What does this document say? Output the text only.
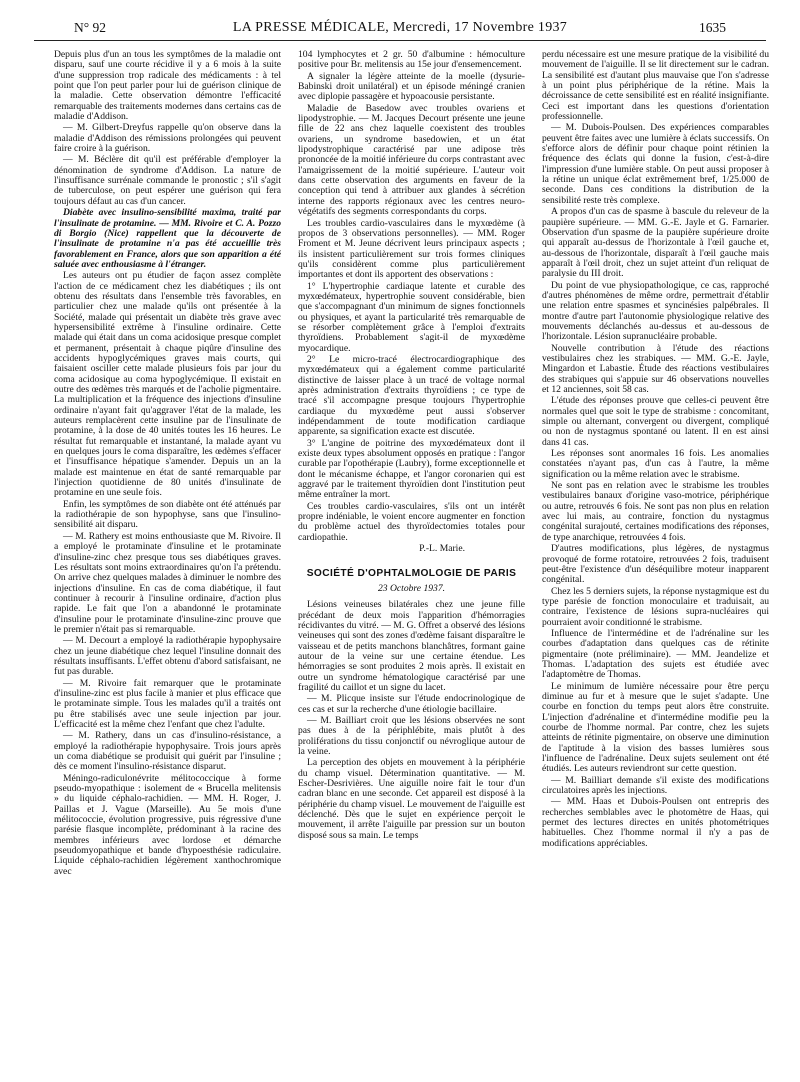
N° 92	LA PRESSE MÉDICALE, Mercredi, 17 Novembre 1937	1635

Depuis plus d'un an tous les symptômes de la maladie ont disparu, sauf une courte récidive il y a 6 mois à la suite d'une suppression trop radicale des médicaments : à tel point que l'on peut parler pour lui de guérison clinique de la maladie. Cette observation démontre l'efficacité remarquable des traitements modernes dans certains cas de maladie d'Addison.

— M. Gilbert-Dreyfus rappelle qu'on observe dans la maladie d'Addison des rémissions prolongées qui peuvent faire croire à la guérison.

— M. Béclère dit qu'il est préférable d'employer la dénomination de syndrome d'Addison. La nature de l'insuffisance surrénale commande le pronostic ; s'il s'agit de tuberculose, on peut espérer une guérison qui fera toujours défaut au cas d'un cancer.

Diabète avec insulino-sensibilité maxima, traité par l'insulinate de protamine. — MM. Rivoire et C. A. Pozzo di Borgio (Nice) rappellent que la découverte de l'insulinate de protamine n'a pas été accueillie très favorablement en France, alors que son apparition a été saluée avec enthousiasme à l'étranger.

Les auteurs ont pu étudier de façon assez complète l'action de ce médicament chez les diabétiques ; ils ont obtenu des résultats dans l'ensemble très favorables, en particulier chez une malade qu'ils ont présentée à la Société, malade qui présentait un diabète très grave avec hypersensibilité extrême à l'insuline ordinaire. Cette malade qui était dans un coma acidosique presque complet et permanent, présentait à chaque piqûre d'insuline des accidents hypoglycémiques graves mais courts, qui faisaient osciller cette malade plusieurs fois par jour du coma acidosique au coma hypoglycémique. Il existait en outre des œdèmes très marqués et de l'acholie pigmentaire. La multiplication et la fréquence des injections d'insuline ordinaire n'ayant fait qu'aggraver l'état de la malade, les auteurs remplacèrent cette insuline par de l'insulinate de protamine, à la dose de 40 unités toutes les 16 heures. Le résultat fut remarquable et instantané, la malade ayant vu en quelques jours le coma disparaître, les œdèmes s'effacer et l'insuffisance hépatique s'amender. Depuis un an la malade est maintenue en état de santé remarquable par l'injection quotidienne de 80 unités d'insulinate de protamine en une seule fois.

Enfin, les symptômes de son diabète ont été atténués par la radiothérapie de son hypophyse, sans que l'insulino-sensibilité ait disparu.

— M. Rathery est moins enthousiaste que M. Rivoire. Il a employé le protaminate d'insuline et le protaminate d'insuline-zinc chez presque tous ses diabétiques graves. Les résultats sont moins extraordinaires qu'on l'a prétendu. On arrive chez quelques malades à diminuer le nombre des injections d'insuline. En cas de coma diabétique, il faut continuer à recourir à l'insuline ordinaire, d'action plus rapide. Le fait que l'on a abandonné le protaminate d'insuline pour le protaminate d'insuline-zinc prouve que le premier n'était pas si remarquable.

— M. Decourt a employé la radiothérapie hypophysaire chez un jeune diabétique chez lequel l'insuline donnait des résultats insuffisants. L'effet obtenu d'abord satisfaisant, ne fut pas durable.

— M. Rivoire fait remarquer que le protaminate d'insuline-zinc est plus facile à manier et plus efficace que le protaminate simple. Tous les malades qu'il a traités ont pu être stabilisés avec une seule injection par jour. L'efficacité est la même chez l'enfant que chez l'adulte.

— M. Rathery, dans un cas d'insulino-résistance, a employé la radiothérapie hypophysaire. Trois jours après un coma diabétique se produisit qui guérit par l'insuline ; dès ce moment l'insulino-résistance disparut.

Méningo-radiculonévrite mélitococcique à forme pseudo-myopathique : isolement de « Brucella melitensis » du liquide céphalo-rachidien. — MM. H. Roger, J. Paillas et J. Vague (Marseille). Au 5e mois d'une mélitococcie, évolution progressive, puis régressive d'une parésie flasque incomplète, prédominant à la racine des membres inférieurs avec lordose et démarche pseudomyopathique et bande d'hypoesthésie radiculaire. Liquide céphalo-rachidien légèrement xanthochromique avec

104 lymphocytes et 2 gr. 50 d'albumine : hémoculture positive pour Br. melitensis au 15e jour d'ensemencement.

A signaler la légère atteinte de la moelle (dysurie-Babinski droit unilatéral) et un épisode méningé cranien avec diplopie passagère et hypoacousie persistante.

Maladie de Basedow avec troubles ovariens et lipodystrophie. — M. Jacques Decourt présente une jeune fille de 22 ans chez laquelle coexistent des troubles ovariens, un syndrome basedowien, et un état lipodystrophique caractérisé par une adipose très prononcée de la moitié inférieure du corps contrastant avec l'amaigrissement de la moitié supérieure. L'auteur voit dans cette observation des arguments en faveur de la conception qui tend à attribuer aux glandes à sécrétion interne des rapports régionaux avec les centres neuro-végétatifs des segments correspondants du corps.

Les troubles cardio-vasculaires dans le myxœdème (à propos de 3 observations personnelles). — MM. Roger Froment et M. Jeune décrivent leurs principaux aspects ; ils insistent particulièrement sur trois formes cliniques qu'ils considèrent comme plus particulièrement importantes et dont ils apportent des observations :

1° L'hypertrophie cardiaque latente et curable des myxœdémateux, hypertrophie souvent considérable, bien que s'accompagnant d'un minimum de signes fonctionnels ou physiques, et ayant la particularité très remarquable de se résorber complètement grâce à l'emploi d'extraits thyroïdiens. Probablement s'agit-il de myxœdème myocardique.

2° Le micro-tracé électrocardiographique des myxœdémateux qui a également comme particularité distinctive de laisser place à un tracé de voltage normal après administration d'extraits thyroïdiens ; ce type de tracé s'il accompagne presque toujours l'hypertrophie cardiaque du myxœdème peut aussi s'observer indépendamment de toute modification cardiaque apparente, sa signification exacte est discutée.

3° L'angine de poitrine des myxœdémateux dont il existe deux types absolument opposés en pratique : l'angor curable par l'opothérapie (Laubry), forme exceptionnelle et dont le mécanisme échappe, et l'angor coronarien qui est aggravé par le traitement thyroïdien dont l'institution peut même entraîner la mort.

Ces troubles cardio-vasculaires, s'ils ont un intérêt propre indéniable, le voient encore augmenter en fonction du problème actuel des thyroïdectomies totales pour cardiopathie.

P.-L. Marie.

SOCIÉTÉ D'OPHTALMOLOGIE DE PARIS
23 Octobre 1937.

Lésions veineuses bilatérales chez une jeune fille précédant de deux mois l'apparition d'hémorragies récidivantes du vitré. — M. G. Offret a observé des lésions veineuses qui sont des zones d'œdème faisant disparaître le vaisseau et de petits manchons blanchâtres, formant gaine autour de la veine sur une certaine étendue. Les hémorragies se sont produites 2 mois après. Il existait en outre un syndrome hématologique caractérisé par une fragilité du caillot et un signe du lacet.

— M. Plicque insiste sur l'étude endocrinologique de ces cas et sur la recherche d'une étiologie bacillaire.

— M. Bailliart croit que les lésions observées ne sont pas dues à de la périphlébite, mais plutôt à des proliférations du tissu conjonctif ou névroglique autour de la veine.

La perception des objets en mouvement à la périphérie du champ visuel. Détermination quantitative. — M. Escher-Desrivières. Une aiguille noire fait le tour d'un cadran blanc en une seconde. Cet appareil est disposé à la périphérie du champ visuel. Le mouvement de l'aiguille est déclenché. Dès que le sujet en expérience perçoit le mouvement, il arrête l'aiguille par pression sur un bouton disposé sous sa main. Le temps

perdu nécessaire est une mesure pratique de la visibilité du mouvement de l'aiguille. Il se lit directement sur le cadran. La sensibilité est d'autant plus mauvaise que l'on s'adresse à un point plus périphérique de la rétine. Mais la décroissance de cette sensibilité est en réalité insignifiante. Ceci est important dans les questions d'orientation professionnelle.

— M. Dubois-Poulsen. Des expériences comparables peuvent être faites avec une lumière à éclats successifs. On s'efforce alors de définir pour chaque point rétinien la fréquence des éclats qui donne la fusion, c'est-à-dire l'impression d'une lumière stable. On peut aussi proposer à la rétine un unique éclat extrêmement bref, 1/25.000 de seconde. Dans ces conditions la distribution de la sensibilité reste très complexe.

A propos d'un cas de spasme à bascule du releveur de la paupière supérieure. — MM. G.-E. Jayle et G. Farnarier. Observation d'un spasme de la paupière supérieure droite qui apparaît au-dessus de l'horizontale à l'œil gauche et, au-dessous de l'horizontale, disparaît à l'œil gauche mais apparaît à l'œil droit, chez un sujet atteint d'un reliquat de paralysie du III droit.

Du point de vue physiopathologique, ce cas, rapproché d'autres phénomènes de même ordre, permettrait d'établir une relation entre spasmes et syncinésies palpébrales. Il montre d'autre part l'autonomie physiologique relative des mouvements déclanchés au-dessus et au-dessous de l'horizontale. Lésion supranucléaire probable.

Nouvelle contribution à l'étude des réactions vestibulaires chez les strabiques. — MM. G.-E. Jayle, Mingardon et Labastie. Étude des réactions vestibulaires des strabiques qui s'appuie sur 46 observations nouvelles et 12 anciennes, soit 58 cas.

L'étude des réponses prouve que celles-ci peuvent être normales quel que soit le type de strabisme : concomitant, simple ou alternant, convergent ou divergent, compliqué ou non de nystagmus spontané ou latent. Il en est ainsi dans 41 cas.

Les réponses sont anormales 16 fois. Les anomalies constatées n'ayant pas, d'un cas à l'autre, la même signification ou la même relation avec le strabisme.

Ne sont pas en relation avec le strabisme les troubles vestibulaires banaux d'origine vaso-motrice, périphérique ou autre, retrouvés 6 fois. Ne sont pas non plus en relation avec lui mais, au contraire, fonction du nystagmus congénital surajouté, certaines modifications des réponses, de type anarchique, retrouvées 4 fois.

D'autres modifications, plus légères, de nystagmus provoqué de forme rotatoire, retrouvées 2 fois, traduisent peut-être l'existence d'un déséquilibre moteur inapparent congénital.

Chez les 5 derniers sujets, la réponse nystagmique est du type parésie de fonction monoculaire et traduisait, au contraire, l'existence de lésions supra-nucléaires qui pourraient avoir conditionné le strabisme.

Influence de l'intermédine et de l'adrénaline sur les courbes d'adaptation dans quelques cas de rétinite pigmentaire (note préliminaire). — MM. Jeandelize et Thomas. L'adaptation des sujets est étudiée avec l'adaptomètre de Thomas.

Le minimum de lumière nécessaire pour être perçu diminue au fur et à mesure que le sujet s'adapte. Une courbe en fonction du temps peut alors être construite. L'injection d'adrénaline et d'intermédine modifie peu la courbe de l'homme normal. Par contre, chez les sujets atteints de rétinite pigmentaire, on observe une diminution de l'aptitude à la vision des basses lumières sous l'influence de l'adrénaline. Deux sujets seulement ont été étudiés. Les auteurs reviendront sur cette question.

— M. Bailliart demande s'il existe des modifications circulatoires après les injections.

— MM. Haas et Dubois-Poulsen ont entrepris des recherches semblables avec le photomètre de Haas, qui permet des lectures directes en unités photométriques habituelles. Chez l'homme normal il n'y a pas de modifications appréciables.
